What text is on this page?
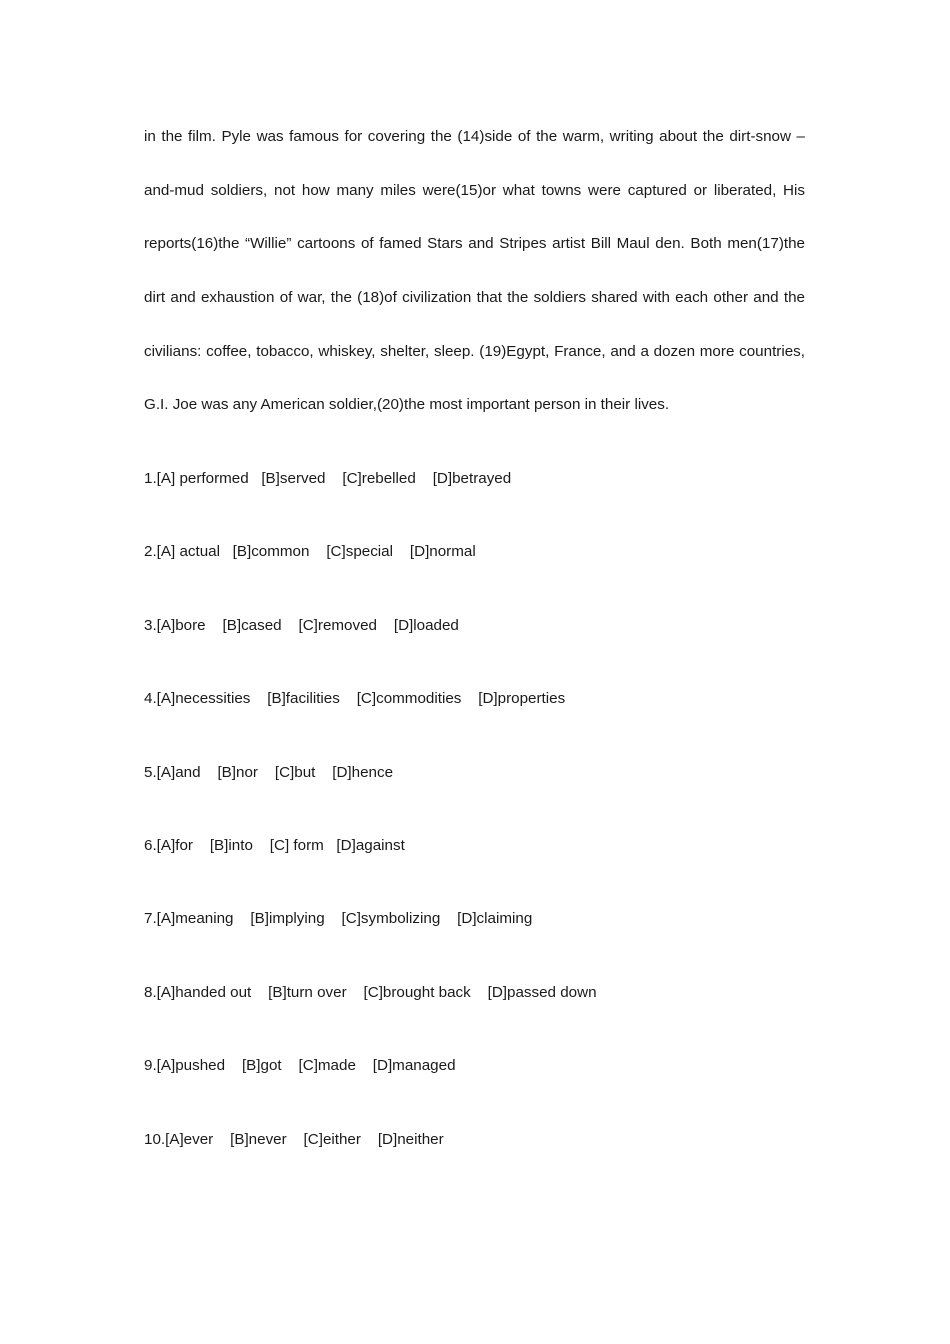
in the film. Pyle was famous for covering the (14)side of the warm, writing about the dirt-snow –
and-mud soldiers, not how many miles were(15)or what towns were captured or liberated, His
reports(16)the “Willie” cartoons of famed Stars and Stripes artist Bill Maul den. Both men(17)the
dirt and exhaustion of war, the (18)of civilization that the soldiers shared with each other and the
civilians: coffee, tobacco, whiskey, shelter, sleep. (19)Egypt, France, and a dozen more countries,
G.I. Joe was any American soldier,(20)the most important person in their lives.
1.[A] performed   [B]served    [C]rebelled    [D]betrayed
2.[A] actual   [B]common    [C]special    [D]normal
3.[A]bore    [B]cased    [C]removed    [D]loaded
4.[A]necessities    [B]facilities    [C]commodities    [D]properties
5.[A]and    [B]nor    [C]but    [D]hence
6.[A]for    [B]into    [C] form   [D]against
7.[A]meaning    [B]implying    [C]symbolizing    [D]claiming
8.[A]handed out    [B]turn over    [C]brought back    [D]passed down
9.[A]pushed    [B]got    [C]made    [D]managed
10.[A]ever    [B]never    [C]either    [D]neither
